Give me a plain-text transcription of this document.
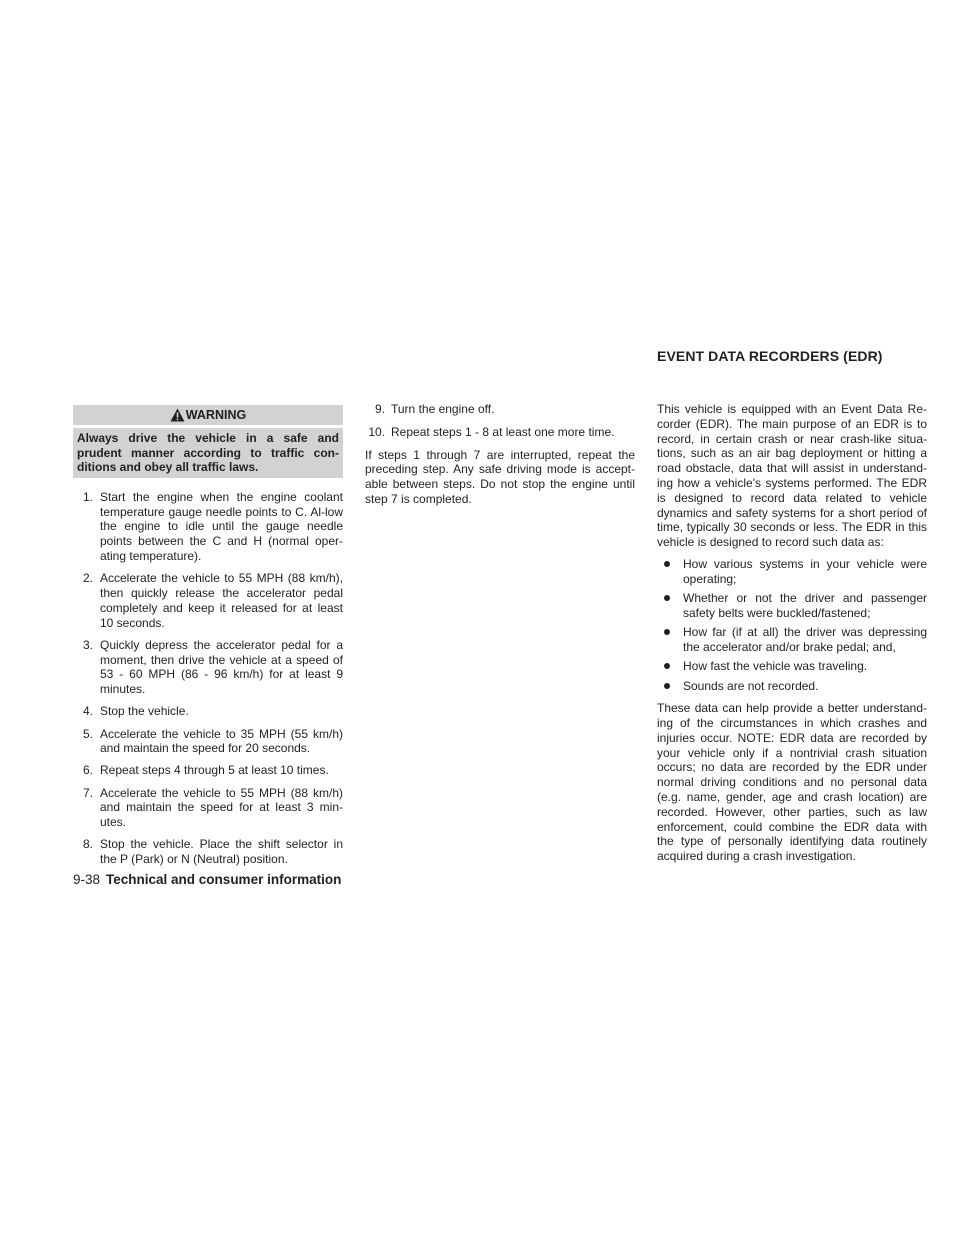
WARNING
Always drive the vehicle in a safe and prudent manner according to traffic con-ditions and obey all traffic laws.
1. Start the engine when the engine coolant temperature gauge needle points to C. Al-low the engine to idle until the gauge needle points between the C and H (normal oper-ating temperature).
2. Accelerate the vehicle to 55 MPH (88 km/h), then quickly release the accelerator pedal completely and keep it released for at least 10 seconds.
3. Quickly depress the accelerator pedal for a moment, then drive the vehicle at a speed of 53 - 60 MPH (86 - 96 km/h) for at least 9 minutes.
4. Stop the vehicle.
5. Accelerate the vehicle to 35 MPH (55 km/h) and maintain the speed for 20 seconds.
6. Repeat steps 4 through 5 at least 10 times.
7. Accelerate the vehicle to 55 MPH (88 km/h) and maintain the speed for at least 3 min-utes.
8. Stop the vehicle. Place the shift selector in the P (Park) or N (Neutral) position.
9. Turn the engine off.
10. Repeat steps 1 - 8 at least one more time.

If steps 1 through 7 are interrupted, repeat the preceding step. Any safe driving mode is accept-able between steps. Do not stop the engine until step 7 is completed.

EVENT DATA RECORDERS (EDR)

This vehicle is equipped with an Event Data Re-corder (EDR). The main purpose of an EDR is to record, in certain crash or near crash-like situa-tions, such as an air bag deployment or hitting a road obstacle, data that will assist in understand-ing how a vehicle's systems performed. The EDR is designed to record data related to vehicle dynamics and safety systems for a short period of time, typically 30 seconds or less. The EDR in this vehicle is designed to record such data as:

How various systems in your vehicle were operating;
Whether or not the driver and passenger safety belts were buckled/fastened;
How far (if at all) the driver was depressing the accelerator and/or brake pedal; and,
How fast the vehicle was traveling.
Sounds are not recorded.

These data can help provide a better understand-ing of the circumstances in which crashes and injuries occur. NOTE: EDR data are recorded by your vehicle only if a nontrivial crash situation occurs; no data are recorded by the EDR under normal driving conditions and no personal data (e.g. name, gender, age and crash location) are recorded. However, other parties, such as law enforcement, could combine the EDR data with the type of personally identifying data routinely acquired during a crash investigation.

9-38 Technical and consumer information
